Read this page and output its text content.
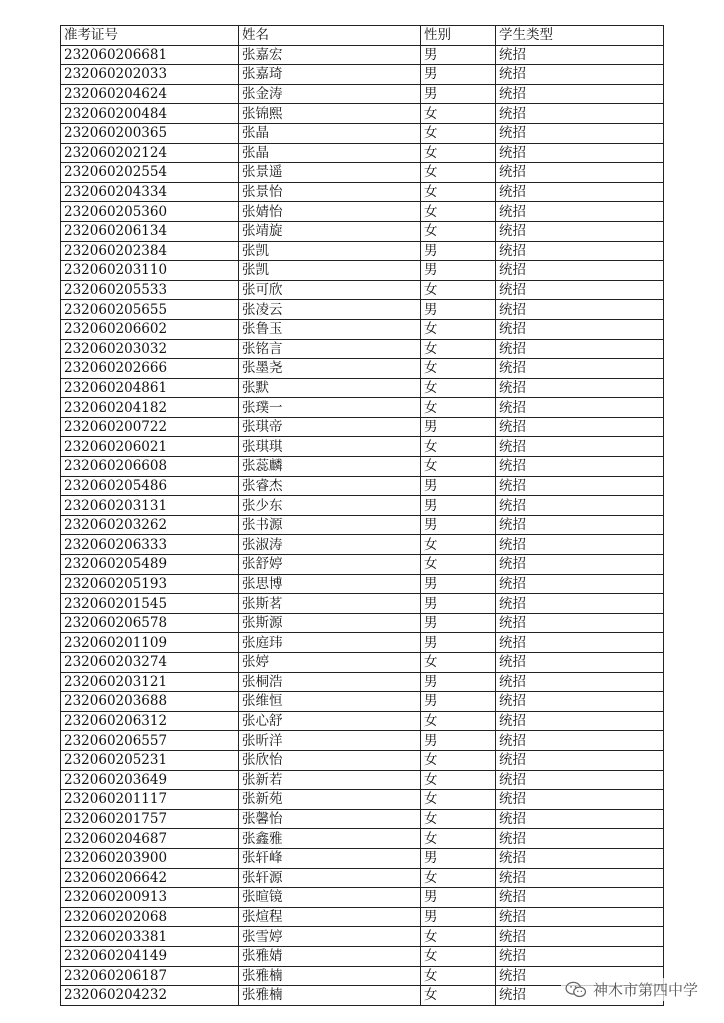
准考证号	姓名	性别	学生类型
232060206681	张嘉宏	男	统招
232060202033	张嘉琦	男	统招
232060204624	张金涛	男	统招
232060200484	张锦熙	女	统招
232060200365	张晶	女	统招
232060202124	张晶	女	统招
232060202554	张景遥	女	统招
232060204334	张景怡	女	统招
232060205360	张婧怡	女	统招
232060206134	张靖旋	女	统招
232060202384	张凯	男	统招
232060203110	张凯	男	统招
232060205533	张可欣	女	统招
232060205655	张凌云	男	统招
232060206602	张鲁玉	女	统招
232060203032	张铭言	女	统招
232060202666	张墨尧	女	统招
232060204861	张默	女	统招
232060204182	张璞一	女	统招
232060200722	张琪帝	男	统招
232060206021	张琪琪	女	统招
232060206608	张蕊麟	女	统招
232060205486	张睿杰	男	统招
232060203131	张少东	男	统招
232060203262	张书源	男	统招
232060206333	张淑涛	女	统招
232060205489	张舒婷	女	统招
232060205193	张思博	男	统招
232060201545	张斯茗	男	统招
232060206578	张斯源	男	统招
232060201109	张庭玮	男	统招
232060203274	张婷	女	统招
232060203121	张桐浩	男	统招
232060203688	张维恒	男	统招
232060206312	张心舒	女	统招
232060206557	张昕洋	男	统招
232060205231	张欣怡	女	统招
232060203649	张新若	女	统招
232060201117	张新苑	女	统招
232060201757	张馨怡	女	统招
232060204687	张鑫雅	女	统招
232060203900	张轩峰	男	统招
232060206642	张轩源	女	统招
232060200913	张暄镜	男	统招
232060202068	张煊程	男	统招
232060203381	张雪婷	女	统招
232060204149	张雅婧	女	统招
232060206187	张雅楠	女	统招
232060204232	张雅楠	女	统招	神木市第四中学
